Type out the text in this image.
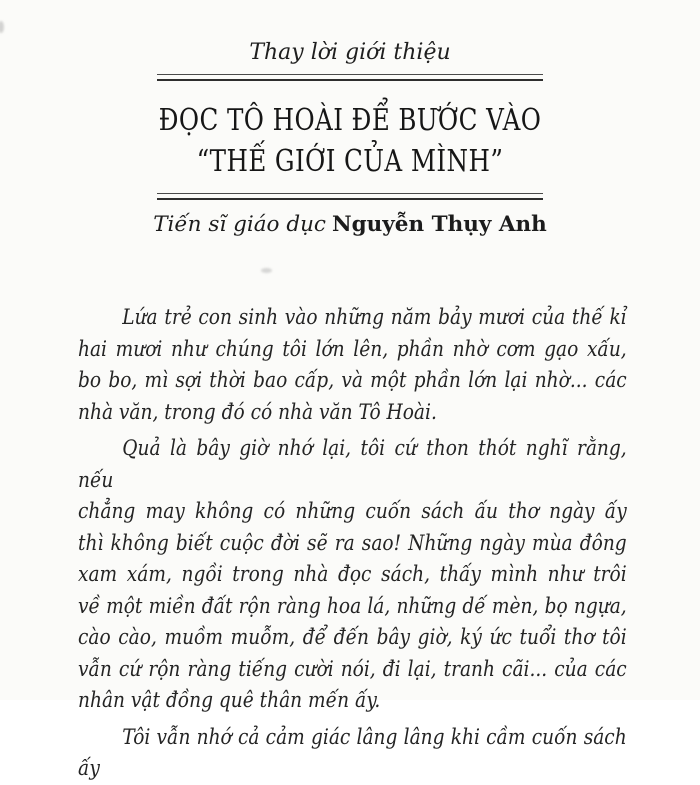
Thay lời giới thiệu
ĐỌC TÔ HOÀI ĐỂ BƯỚC VÀO
“THẾ GIỚI CỦA MÌNH”
Tiến sĩ giáo dục Nguyễn Thụy Anh
Lứa trẻ con sinh vào những năm bảy mươi của thế kỉ
hai mươi như chúng tôi lớn lên, phần nhờ cơm gạo xấu,
bo bo, mì sợi thời bao cấp, và một phần lớn lại nhờ... các
nhà văn, trong đó có nhà văn Tô Hoài.
Quả là bây giờ nhớ lại, tôi cứ thon thót nghĩ rằng, nếu
chẳng may không có những cuốn sách ấu thơ ngày ấy
thì không biết cuộc đời sẽ ra sao! Những ngày mùa đông
xam xám, ngồi trong nhà đọc sách, thấy mình như trôi
về một miền đất rộn ràng hoa lá, những dế mèn, bọ ngựa,
cào cào, muồm muỗm, để đến bây giờ, ký ức tuổi thơ tôi
vẫn cứ rộn ràng tiếng cười nói, đi lại, tranh cãi... của các
nhân vật đồng quê thân mến ấy.
Tôi vẫn nhớ cả cảm giác lâng lâng khi cầm cuốn sách ấy
